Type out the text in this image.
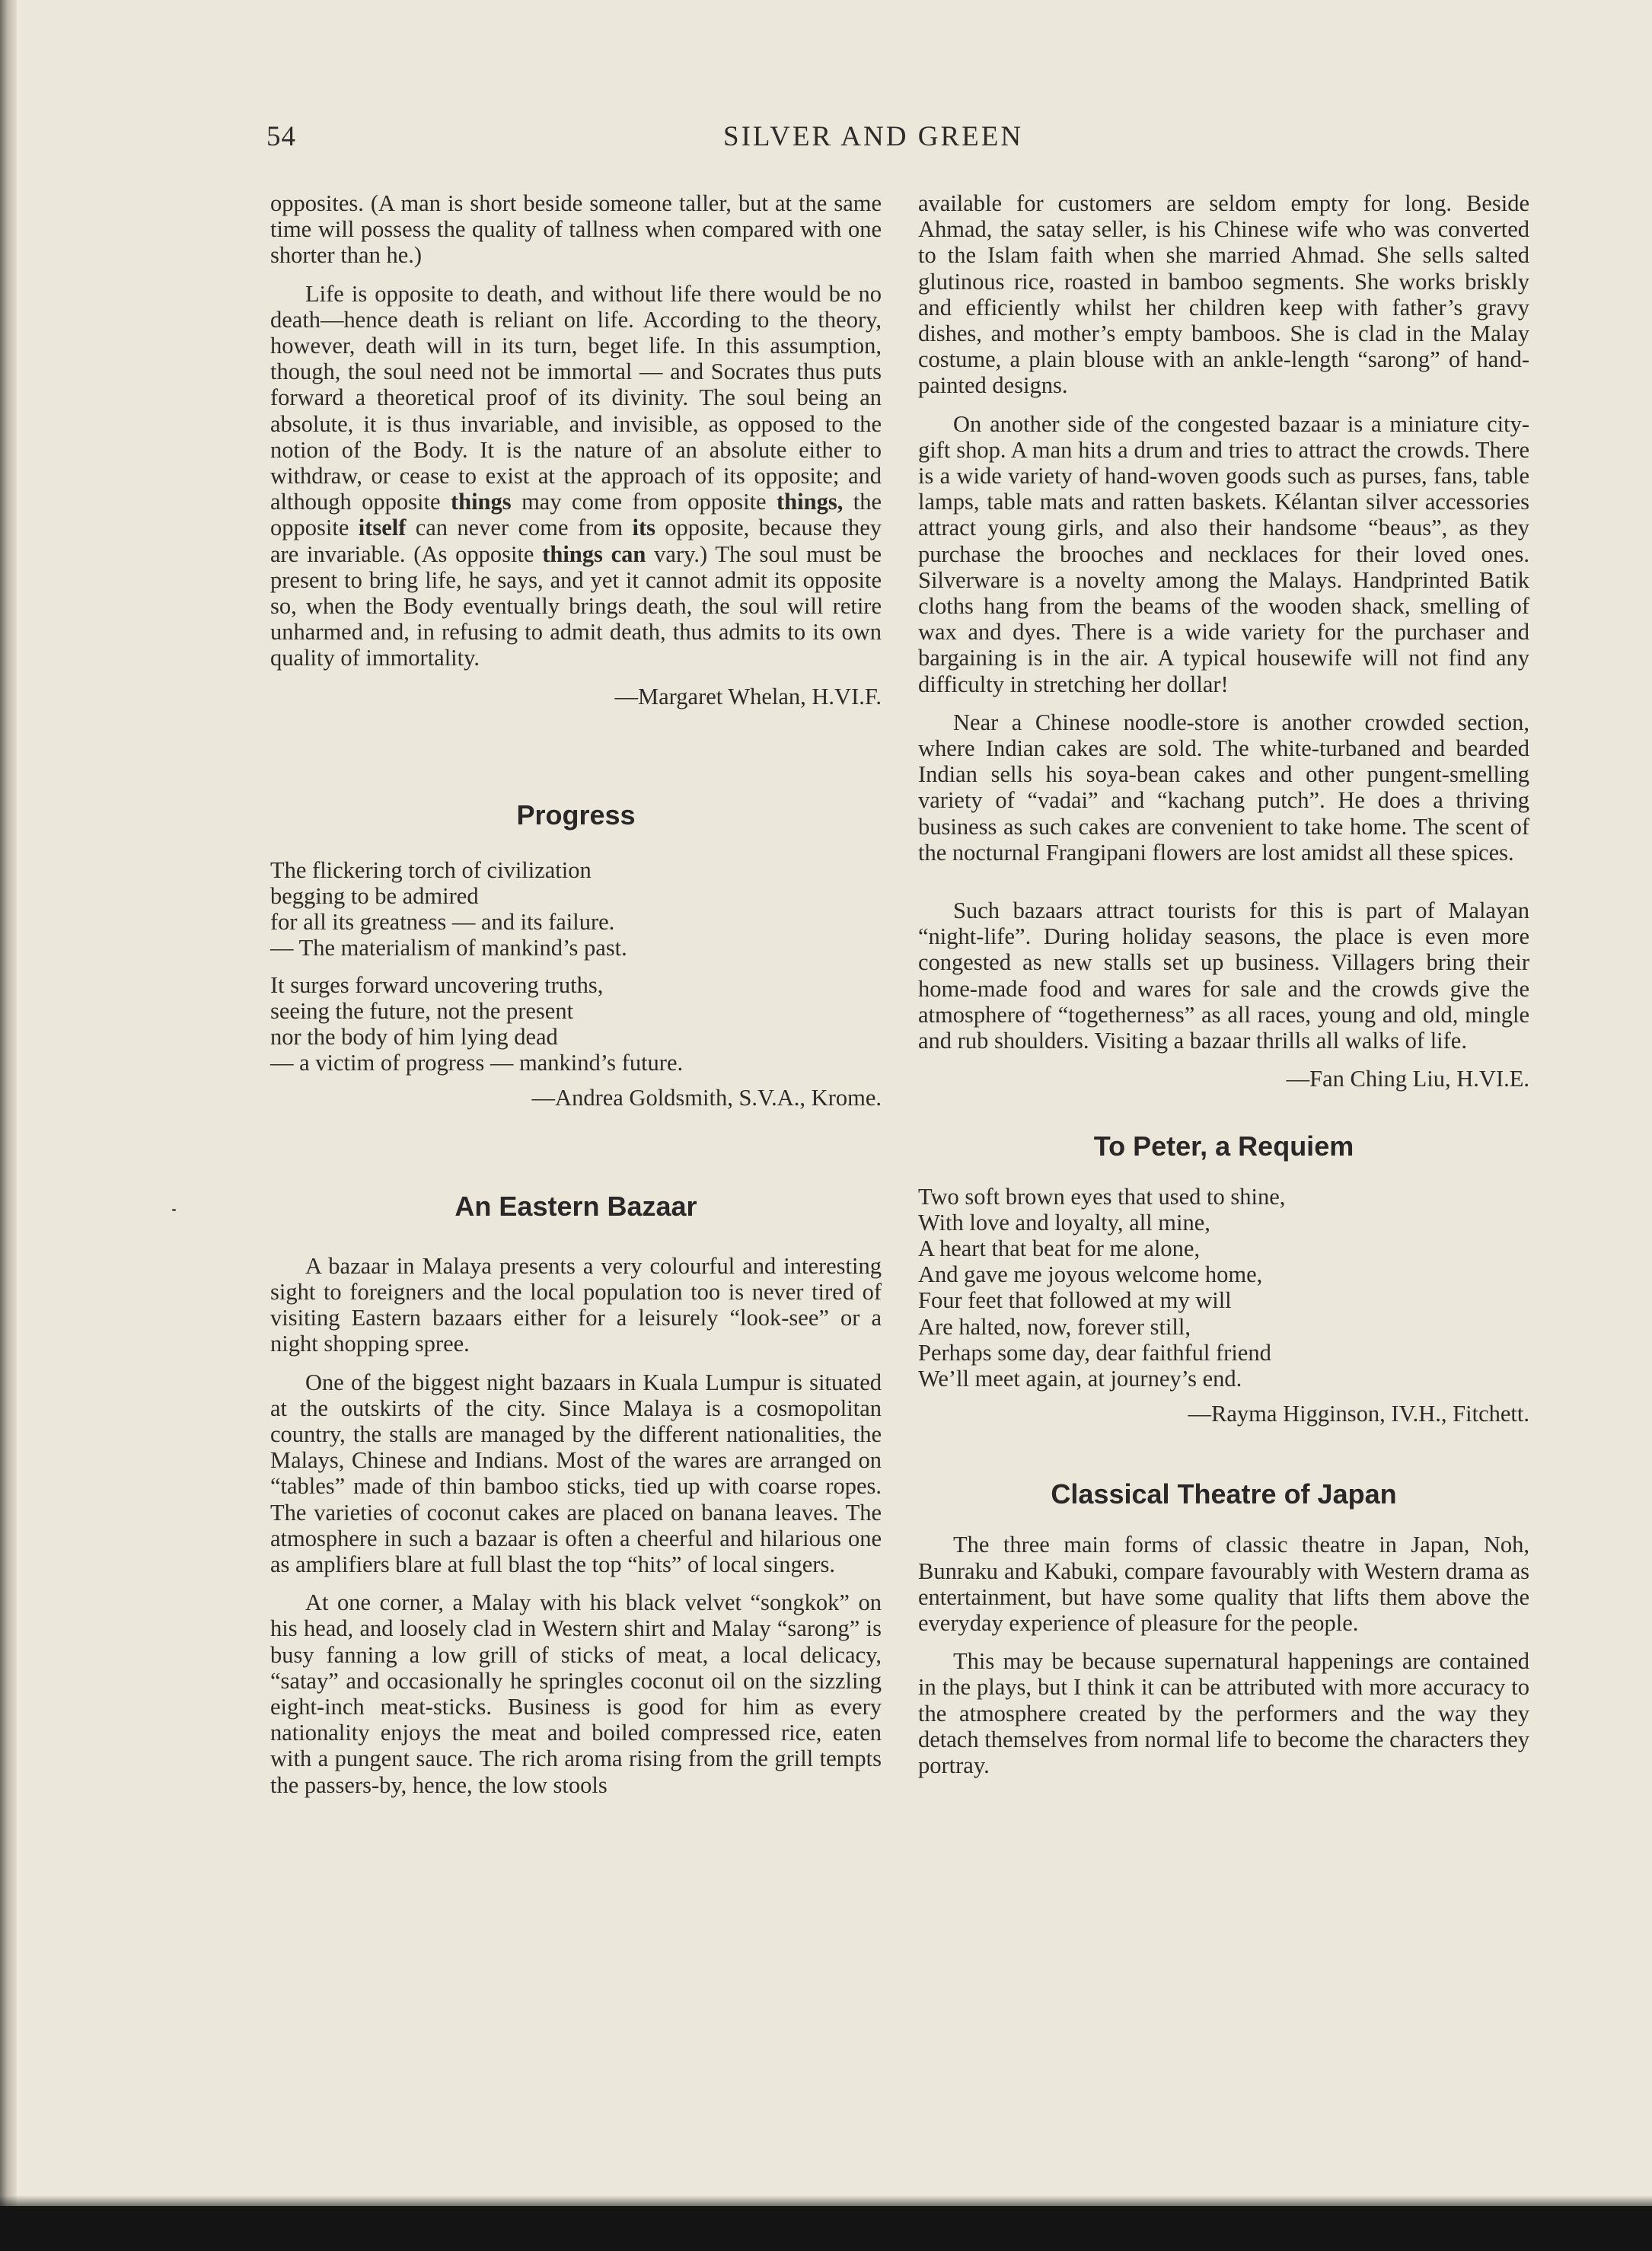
54	SILVER AND GREEN

opposites. (A man is short beside someone taller, but at the same time will possess the quality of tallness when compared with one shorter than he.)

Life is opposite to death, and without life there would be no death—hence death is reliant on life. According to the theory, however, death will in its turn, beget life. In this assumption, though, the soul need not be immortal — and Socrates thus puts forward a theoretical proof of its divinity. The soul being an absolute, it is thus invariable, and invisible, as opposed to the notion of the Body. It is the nature of an absolute either to withdraw, or cease to exist at the approach of its opposite; and although opposite things may come from opposite things, the opposite itself can never come from its opposite, because they are invariable. (As opposite things can vary.) The soul must be present to bring life, he says, and yet it cannot admit its opposite so, when the Body eventually brings death, the soul will retire unharmed and, in refusing to admit death, thus admits to its own quality of immortality.

—Margaret Whelan, H.VI.F.
Progress
The flickering torch of civilization
begging to be admired
for all its greatness — and its failure.
— The materialism of mankind’s past.
It surges forward uncovering truths,
seeing the future, not the present
nor the body of him lying dead
— a victim of progress — mankind’s future.
—Andrea Goldsmith, S.V.A., Krome.
An Eastern Bazaar

A bazaar in Malaya presents a very colourful and interesting sight to foreigners and the local population too is never tired of visiting Eastern bazaars either for a leisurely “look-see” or a night shopping spree.

One of the biggest night bazaars in Kuala Lumpur is situated at the outskirts of the city. Since Malaya is a cosmopolitan country, the stalls are managed by the different nationalities, the Malays, Chinese and Indians. Most of the wares are arranged on “tables” made of thin bamboo sticks, tied up with coarse ropes. The varieties of coconut cakes are placed on banana leaves. The atmosphere in such a bazaar is often a cheerful and hilarious one as amplifiers blare at full blast the top “hits” of local singers.

At one corner, a Malay with his black velvet “songkok” on his head, and loosely clad in Western shirt and Malay “sarong” is busy fanning a low grill of sticks of meat, a local delicacy, “satay” and occasionally he springles coconut oil on the sizzling eight-inch meat-sticks. Business is good for him as every nationality enjoys the meat and boiled compressed rice, eaten with a pungent sauce. The rich aroma rising from the grill tempts the passers-by, hence, the low stools

available for customers are seldom empty for long. Beside Ahmad, the satay seller, is his Chinese wife who was converted to the Islam faith when she married Ahmad. She sells salted glutinous rice, roasted in bamboo segments. She works briskly and efficiently whilst her children keep with father’s gravy dishes, and mother’s empty bamboos. She is clad in the Malay costume, a plain blouse with an ankle-length “sarong” of hand-painted designs.

On another side of the congested bazaar is a miniature city-gift shop. A man hits a drum and tries to attract the crowds. There is a wide variety of hand-woven goods such as purses, fans, table lamps, table mats and ratten baskets. Kélantan silver accessories attract young girls, and also their handsome “beaus”, as they purchase the brooches and necklaces for their loved ones. Silverware is a novelty among the Malays. Handprinted Batik cloths hang from the beams of the wooden shack, smelling of wax and dyes. There is a wide variety for the purchaser and bargaining is in the air. A typical housewife will not find any difficulty in stretching her dollar!

Near a Chinese noodle-store is another crowded section, where Indian cakes are sold. The white-turbaned and bearded Indian sells his soya-bean cakes and other pungent-smelling variety of “vadai” and “kachang putch”. He does a thriving business as such cakes are convenient to take home. The scent of the nocturnal Frangipani flowers are lost amidst all these spices.

Such bazaars attract tourists for this is part of Malayan “night-life”. During holiday seasons, the place is even more congested as new stalls set up business. Villagers bring their home-made food and wares for sale and the crowds give the atmosphere of “togetherness” as all races, young and old, mingle and rub shoulders. Visiting a bazaar thrills all walks of life.

—Fan Ching Liu, H.VI.E.
To Peter, a Requiem
Two soft brown eyes that used to shine,
With love and loyalty, all mine,
A heart that beat for me alone,
And gave me joyous welcome home,
Four feet that followed at my will
Are halted, now, forever still,
Perhaps some day, dear faithful friend
We’ll meet again, at journey’s end.
—Rayma Higginson, IV.H., Fitchett.
Classical Theatre of Japan

The three main forms of classic theatre in Japan, Noh, Bunraku and Kabuki, compare favourably with Western drama as entertainment, but have some quality that lifts them above the everyday experience of pleasure for the people.

This may be because supernatural happenings are contained in the plays, but I think it can be attributed with more accuracy to the atmosphere created by the performers and the way they detach themselves from normal life to become the characters they portray.
